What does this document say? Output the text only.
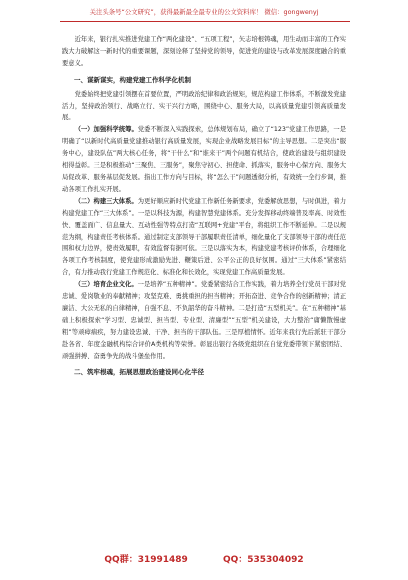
关注头条号“公文研究”，获得最新最全最专业的公文资料库！ 微信：gongwenyj

近年来，银行扎实推进党建工作“两化建设”、“五项工程”，矢志培根铸魂，用生动而丰富的工作实践大力破解这一新时代的重要课题，深刻诠释了坚持党的领导，促进党的建设与改革发展深度融合的重要意义。

一、谋新谋实，构建党建工作科学化机制

党委始终把党建引领摆在首要位置，严明政治纪律和政治规矩，规范构建工作体系，不断激发党建活力，坚持政治领行、战略立行、实干兴行方略，围绕中心、服务大局，以高质量党建引领高质量发展。

（一）加强科学统筹。党委不断深入实践探索，总体规划布局，确立了“123”党建工作思路，一是明确了“以新时代高质量党建推动银行高质量发展，实现企业战略发展目标”的主导思想。二是突出“服务中心，建设队伍”两大核心任务，将“干什么”和“谁来干”两个问题有机结合，使政治建设与组织建设相得益彰。三是积极推动“三聚焦、三服务”，聚焦守初心、担使命、抓落实，服务中心保方向、服务大局促改革、服务基层促发展。指出工作方向与目标，将“怎么干”问题透彻分析，有效统一全行步调，推动各项工作扎实开展。

（二）构建三大体系。为更好顺应新时代党建工作新任务新要求，党委解放思想，与时俱进，着力构建党建工作“三大体系”。一是以科技为源，构建智慧党建体系。充分发挥移动终端普及率高、时效性快、覆盖面广、信息量大、互动性强等特点打造“互联网+党建”平台，将组织工作不断延伸。二是以规范为纲，构建责任考核体系。通过制定支部领导干部履职责任清单，细化量化了支部领导干部的责任范围和权力边界，使责效履职，有效监督有据可依。三是以落实为本，构建党建考核评价体系，合理细化各项工作考核制度，使党建形成激励先进、鞭策后进、公平公正的良好氛围。通过“三大体系”紧密结合，有力推动我行党建工作规范化、标准化和长效化，实现党建工作高质量发展。

（三）培育企业文化。一是培养“五种精神”。党委紧密结合工作实践，着力培养全行党员干部对党忠诚、爱岗敬业的奉献精神；攻坚克难、勇挑重担的担当精神；开拓奋进、竞争合作的创新精神；清正廉洁、大公无私的自律精神，自强不息、不负韶华的奋斗精神。二是打造“五型机关”。在“五种精神”基础上积极探索“学习型、忠诚型、担当型、专业型、清廉型”“五型”机关建设，大力整治“庸懒散慢虚粗”等顽瘴痼疾，努力建设忠诚、干净、担当的干部队伍。三是厚植情怀。近年来我行先后派驻干部分赴各省、年度金融机构综合评价A类机构等荣誉。彰显出银行各级党组织在自觉党委带领下紧密团结、顽强拼搏、奋勇争先的战斗堡垒作用。

二、筑牢根魂，拓展思想政治建设同心化半径

QQ群：31991489	QQ：535304092
